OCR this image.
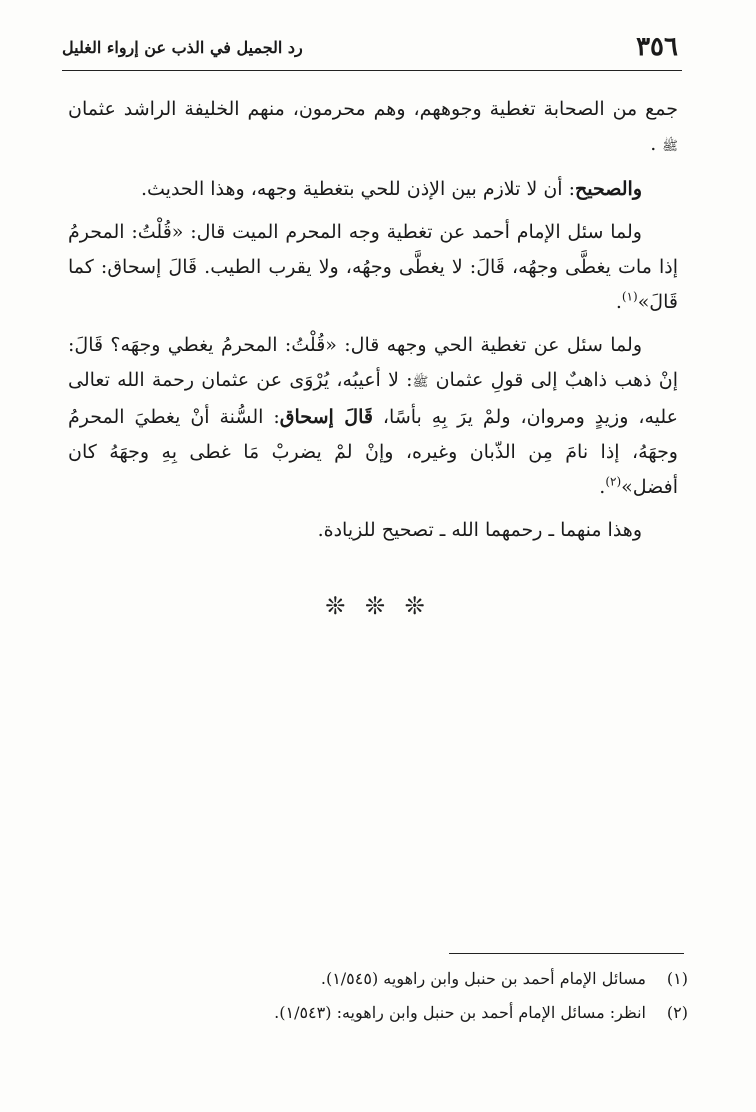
٣٥٦
رد الجميل في الذب عن إرواء الغليل

جمع من الصحابة تغطية وجوههم، وهم محرمون، منهم الخليفة الراشد عثمان ﷺ .

والصحيح: أن لا تلازم بين الإذن للحي بتغطية وجهه، وهذا الحديث.

ولما سئل الإمام أحمد عن تغطية وجه المحرم الميت قال: «قُلْتُ: المحرمُ إذا مات يغطَّى وجهُه، قَالَ: لا يغطَّى وجهُه، ولا يقرب الطيب. قَالَ إسحاق: كما قَالَ»$^{(١)}$.

ولما سئل عن تغطية الحي وجهه قال: «قُلْتُ: المحرمُ يغطي وجهَه؟ قَالَ: إنْ ذهب ذاهبٌ إلى قولِ عثمان ﷺ: لا أعيبُه، يُرْوَى عن عثمان رحمة الله تعالى عليه، وزيدٍ ومروان، ولمْ يرَ بِهِ بأسًا، قَالَ إسحاق: السُّنة أنْ يغطيَ المحرمُ وجهَهُ، إذا نامَ مِن الذّبان وغيره، وإنْ لمْ يضربْ مَا غطى بِهِ وجهَهُ كان أفضل»$^{(٢)}$.

وهذا منهما ـ رحمهما الله ـ تصحيح للزيادة.

❊ ❊ ❊
(١)مسائل الإمام أحمد بن حنبل وابن راهويه (١/٥٤٥).
(٢)انظر: مسائل الإمام أحمد بن حنبل وابن راهويه: (١/٥٤٣).
